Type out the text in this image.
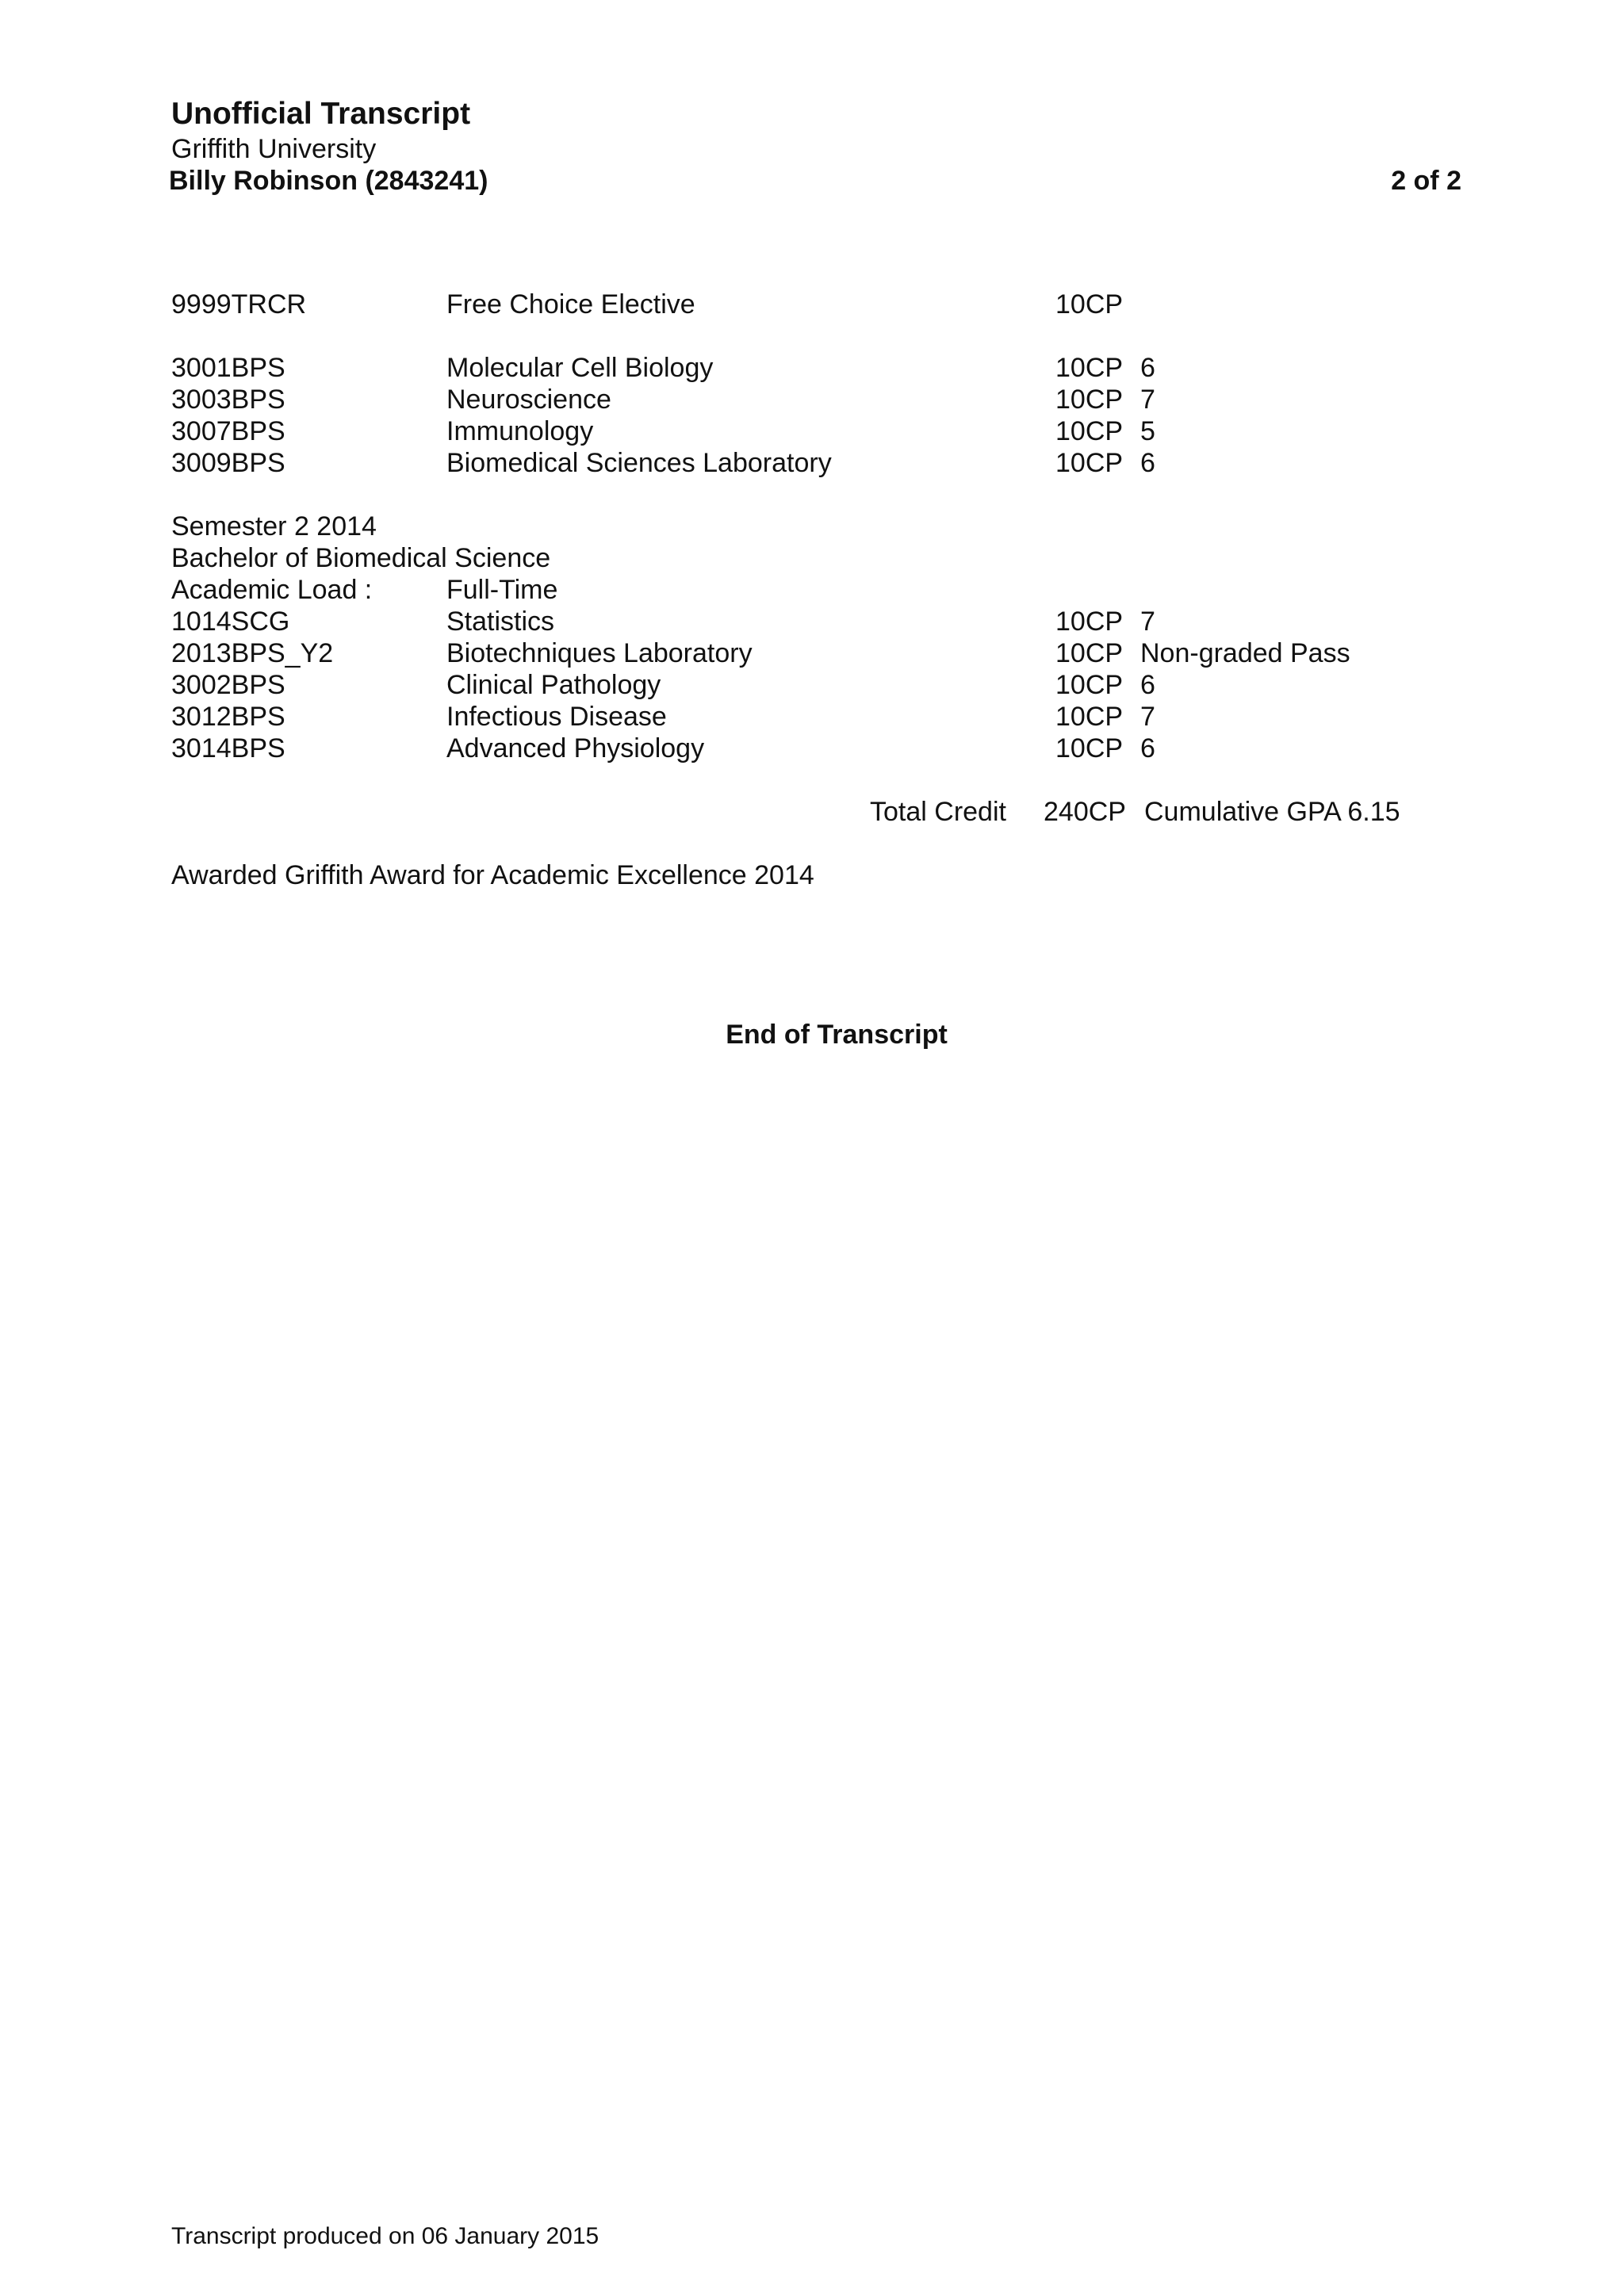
Unofficial Transcript
Griffith University
Billy Robinson (2843241)	2 of 2
9999TRCR	Free Choice Elective	10CP
3001BPS	Molecular Cell Biology	10CP 6
3003BPS	Neuroscience	10CP 7
3007BPS	Immunology	10CP 5
3009BPS	Biomedical Sciences Laboratory	10CP 6
Semester 2 2014
Bachelor of Biomedical Science
Academic Load :	Full-Time
1014SCG	Statistics	10CP 7
2013BPS_Y2	Biotechniques Laboratory	10CP Non-graded Pass
3002BPS	Clinical Pathology	10CP 6
3012BPS	Infectious Disease	10CP 7
3014BPS	Advanced Physiology	10CP 6
Total Credit 240CP Cumulative GPA 6.15
Awarded Griffith Award for Academic Excellence 2014
End of Transcript
Transcript produced on 06 January 2015
